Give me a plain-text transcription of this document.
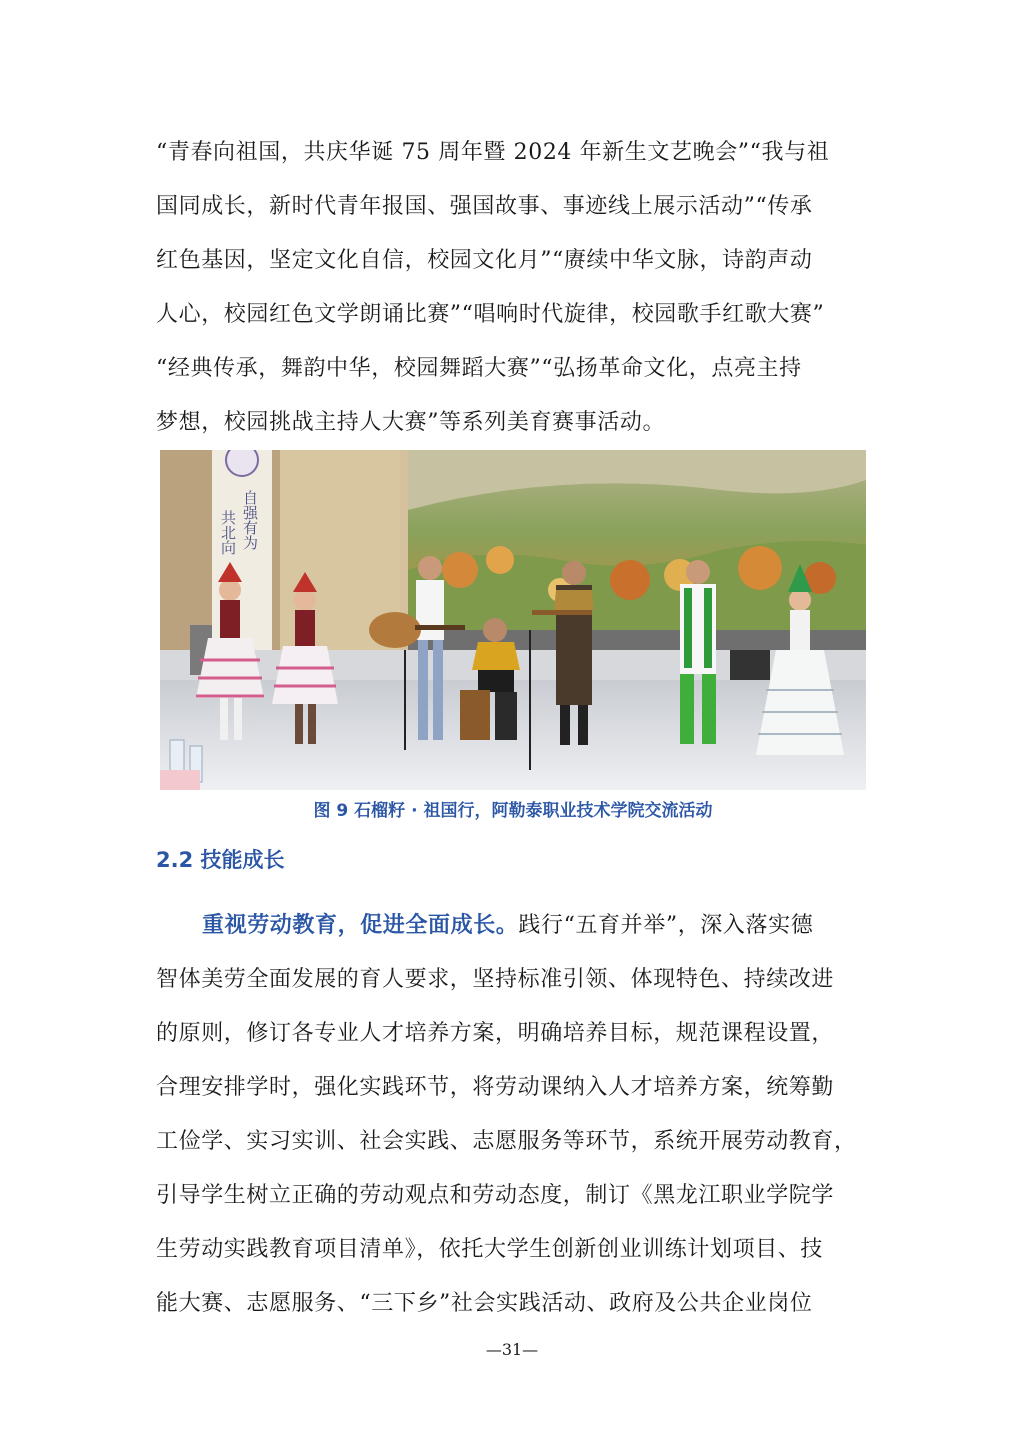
“青春向祖国，共庆华诞 75 周年暨 2024 年新生文艺晚会”“我与祖
国同成长，新时代青年报国、强国故事、事迹线上展示活动”“传承
红色基因，坚定文化自信，校园文化月”“赓续中华文脉，诗韵声动
人心，校园红色文学朗诵比赛”“唱响时代旋律，校园歌手红歌大赛”
“经典传承，舞韵中华，校园舞蹈大赛”“弘扬革命文化，点亮主持
梦想，校园挑战主持人大赛”等系列美育赛事活动。
自强有为
共北向
图 9 石榴籽 · 祖国行，阿勒泰职业技术学院交流活动
2.2 技能成长
重视劳动教育，促进全面成长。践行“五育并举”，深入落实德
智体美劳全面发展的育人要求，坚持标准引领、体现特色、持续改进
的原则，修订各专业人才培养方案，明确培养目标，规范课程设置，
合理安排学时，强化实践环节，将劳动课纳入人才培养方案，统筹勤
工俭学、实习实训、社会实践、志愿服务等环节，系统开展劳动教育，
引导学生树立正确的劳动观点和劳动态度，制订《黑龙江职业学院学
生劳动实践教育项目清单》，依托大学生创新创业训练计划项目、技
能大赛、志愿服务、“三下乡”社会实践活动、政府及公共企业岗位
—31—
